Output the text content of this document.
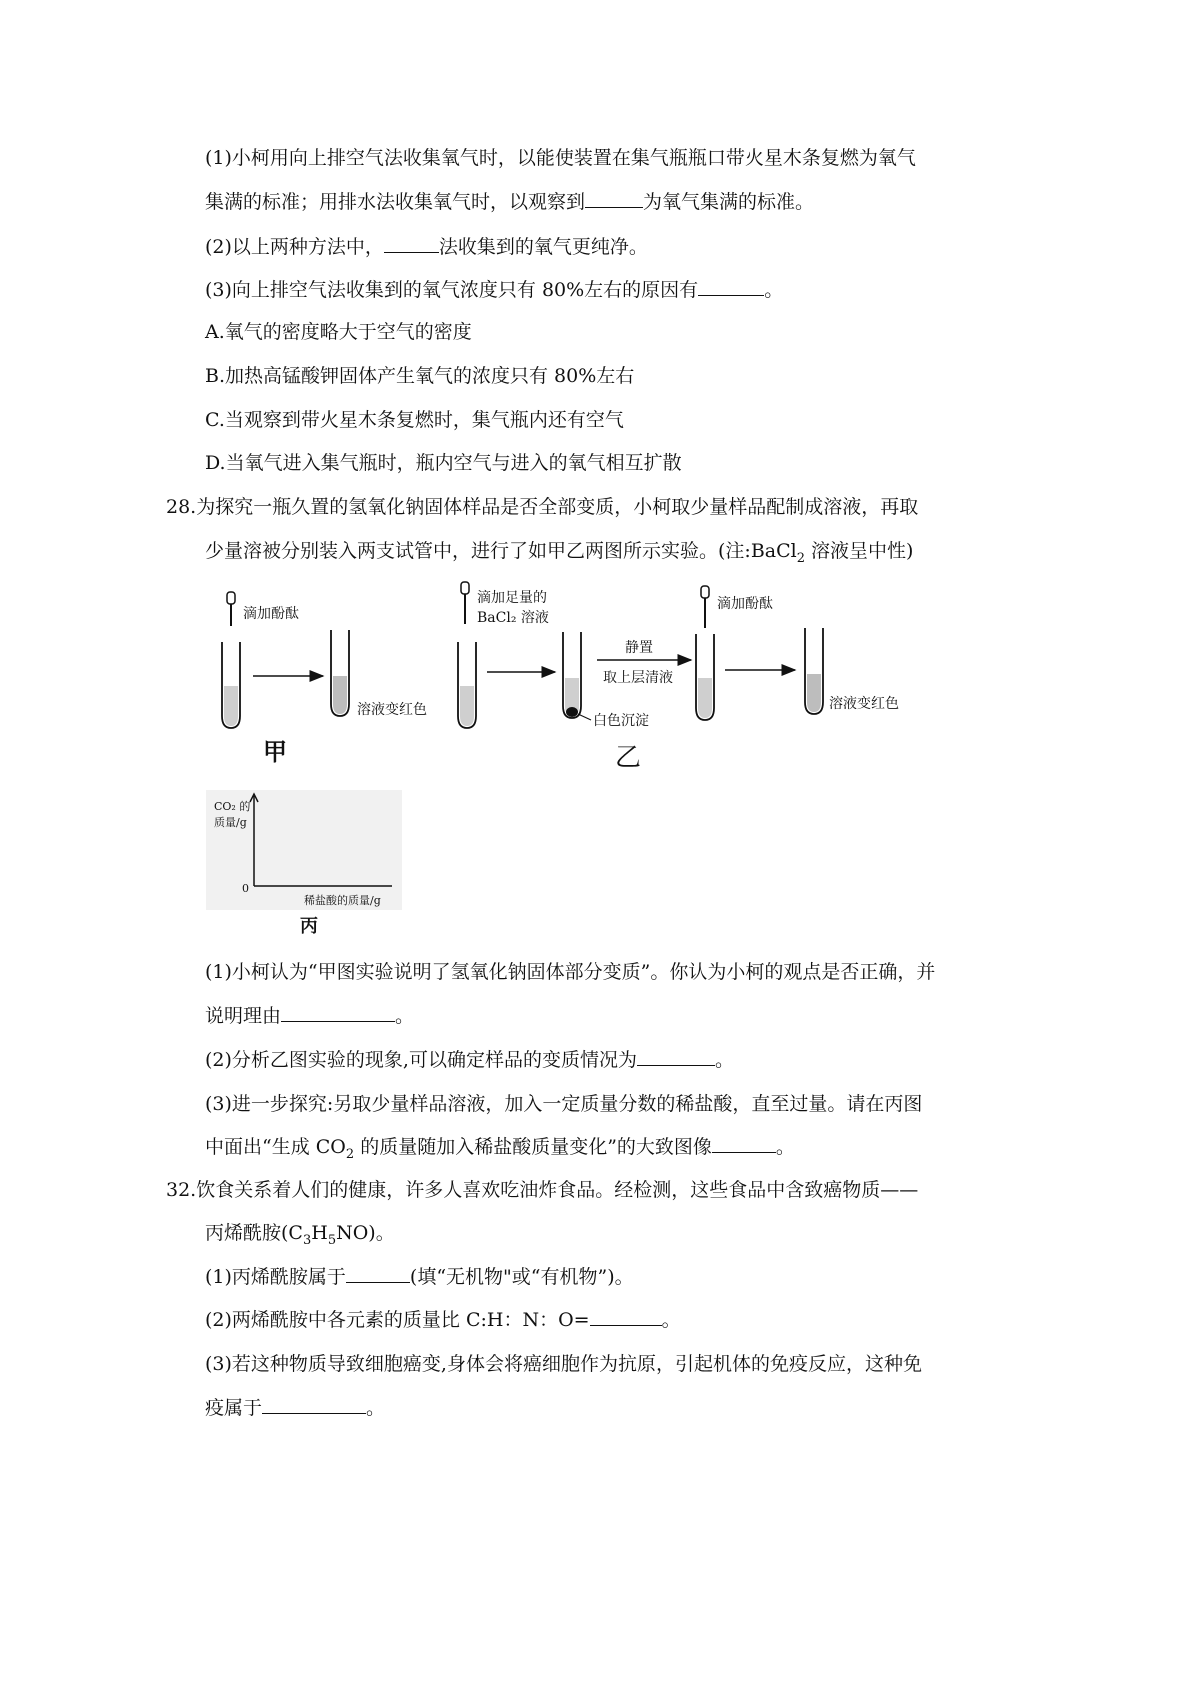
(1)小柯用向上排空气法收集氧气时，以能使装置在集气瓶瓶口带火星木条复燃为氧气
集满的标准；用排水法收集氧气时，以观察到	为氧气集满的标准。
(2)以上两种方法中，	法收集到的氧气更纯净。
(3)向上排空气法收集到的氧气浓度只有 80%左右的原因有	。
A.氧气的密度略大于空气的密度
B.加热高锰酸钾固体产生氧气的浓度只有 80%左右
C.当观察到带火星木条复燃时，集气瓶内还有空气
D.当氧气进入集气瓶时，瓶内空气与进入的氧气相互扩散
28.为探究一瓶久置的氢氧化钠固体样品是否全部变质，小柯取少量样品配制成溶液，再取
少量溶被分别装入两支试管中，进行了如甲乙两图所示实验。(注:BaCl$_2$ 溶液呈中性)
滴加酚酞
溶液变红色
甲
滴加足量的
BaCl₂ 溶液
白色沉淀
静置
取上层清液
滴加酚酞
溶液变红色
乙
CO₂ 的
质量/g
0
稀盐酸的质量/g
丙
(1)小柯认为“甲图实验说明了氢氧化钠固体部分变质”。你认为小柯的观点是否正确，并
说明理由	。
(2)分析乙图实验的现象,可以确定样品的变质情况为	。
(3)进一步探究:另取少量样品溶液，加入一定质量分数的稀盐酸，直至过量。请在丙图
中面出“生成 $CO_2$ 的质量随加入稀盐酸质量变化”的大致图像	。
32.饮食关系着人们的健康，许多人喜欢吃油炸食品。经检测，这些食品中含致癌物质——
丙烯酰胺$(C_3H_5NO)$。
(1)丙烯酰胺属于	(填“无机物"或“有机物”)。
(2)两烯酰胺中各元素的质量比 C:H：N：O=	。
(3)若这种物质导致细胞癌变,身体会将癌细胞作为抗原，引起机体的免疫反应，这种免
疫属于	。
